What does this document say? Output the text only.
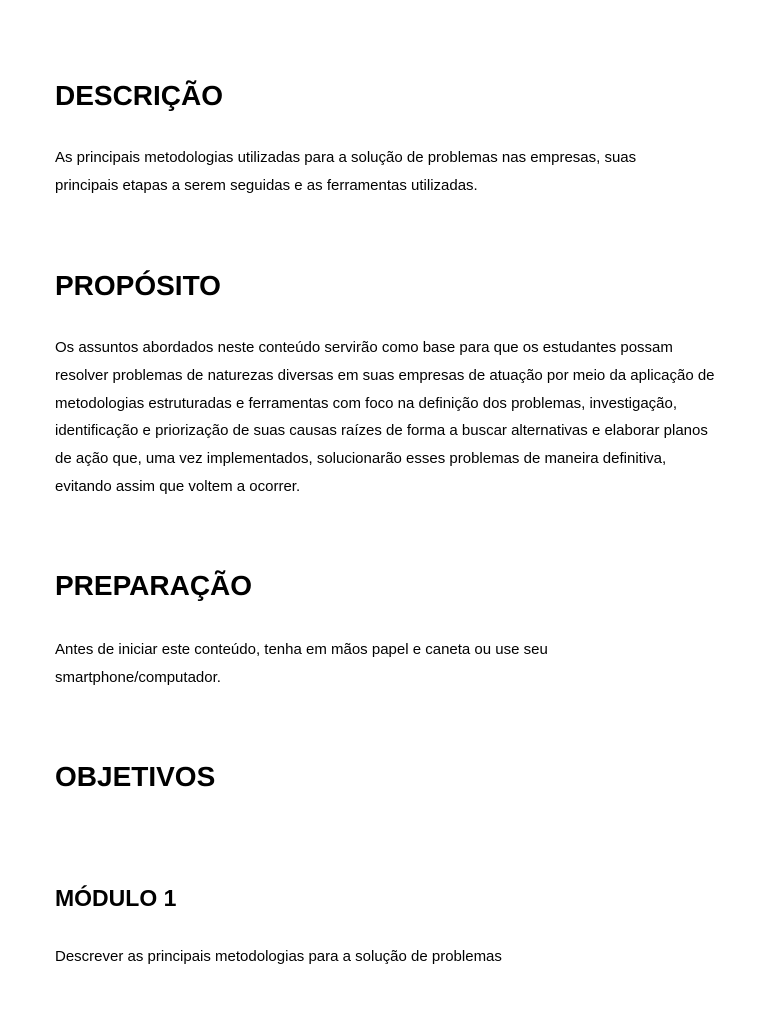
DESCRIÇÃO

As principais metodologias utilizadas para a solução de problemas nas empresas, suas principais etapas a serem seguidas e as ferramentas utilizadas.

PROPÓSITO

Os assuntos abordados neste conteúdo servirão como base para que os estudantes possam resolver problemas de naturezas diversas em suas empresas de atuação por meio da aplicação de metodologias estruturadas e ferramentas com foco na definição dos problemas, investigação, identificação e priorização de suas causas raízes de forma a buscar alternativas e elaborar planos de ação que, uma vez implementados, solucionarão esses problemas de maneira definitiva, evitando assim que voltem a ocorrer.

PREPARAÇÃO

Antes de iniciar este conteúdo, tenha em mãos papel e caneta ou use seu smartphone/computador.

OBJETIVOS
MÓDULO 1

Descrever as principais metodologias para a solução de problemas
